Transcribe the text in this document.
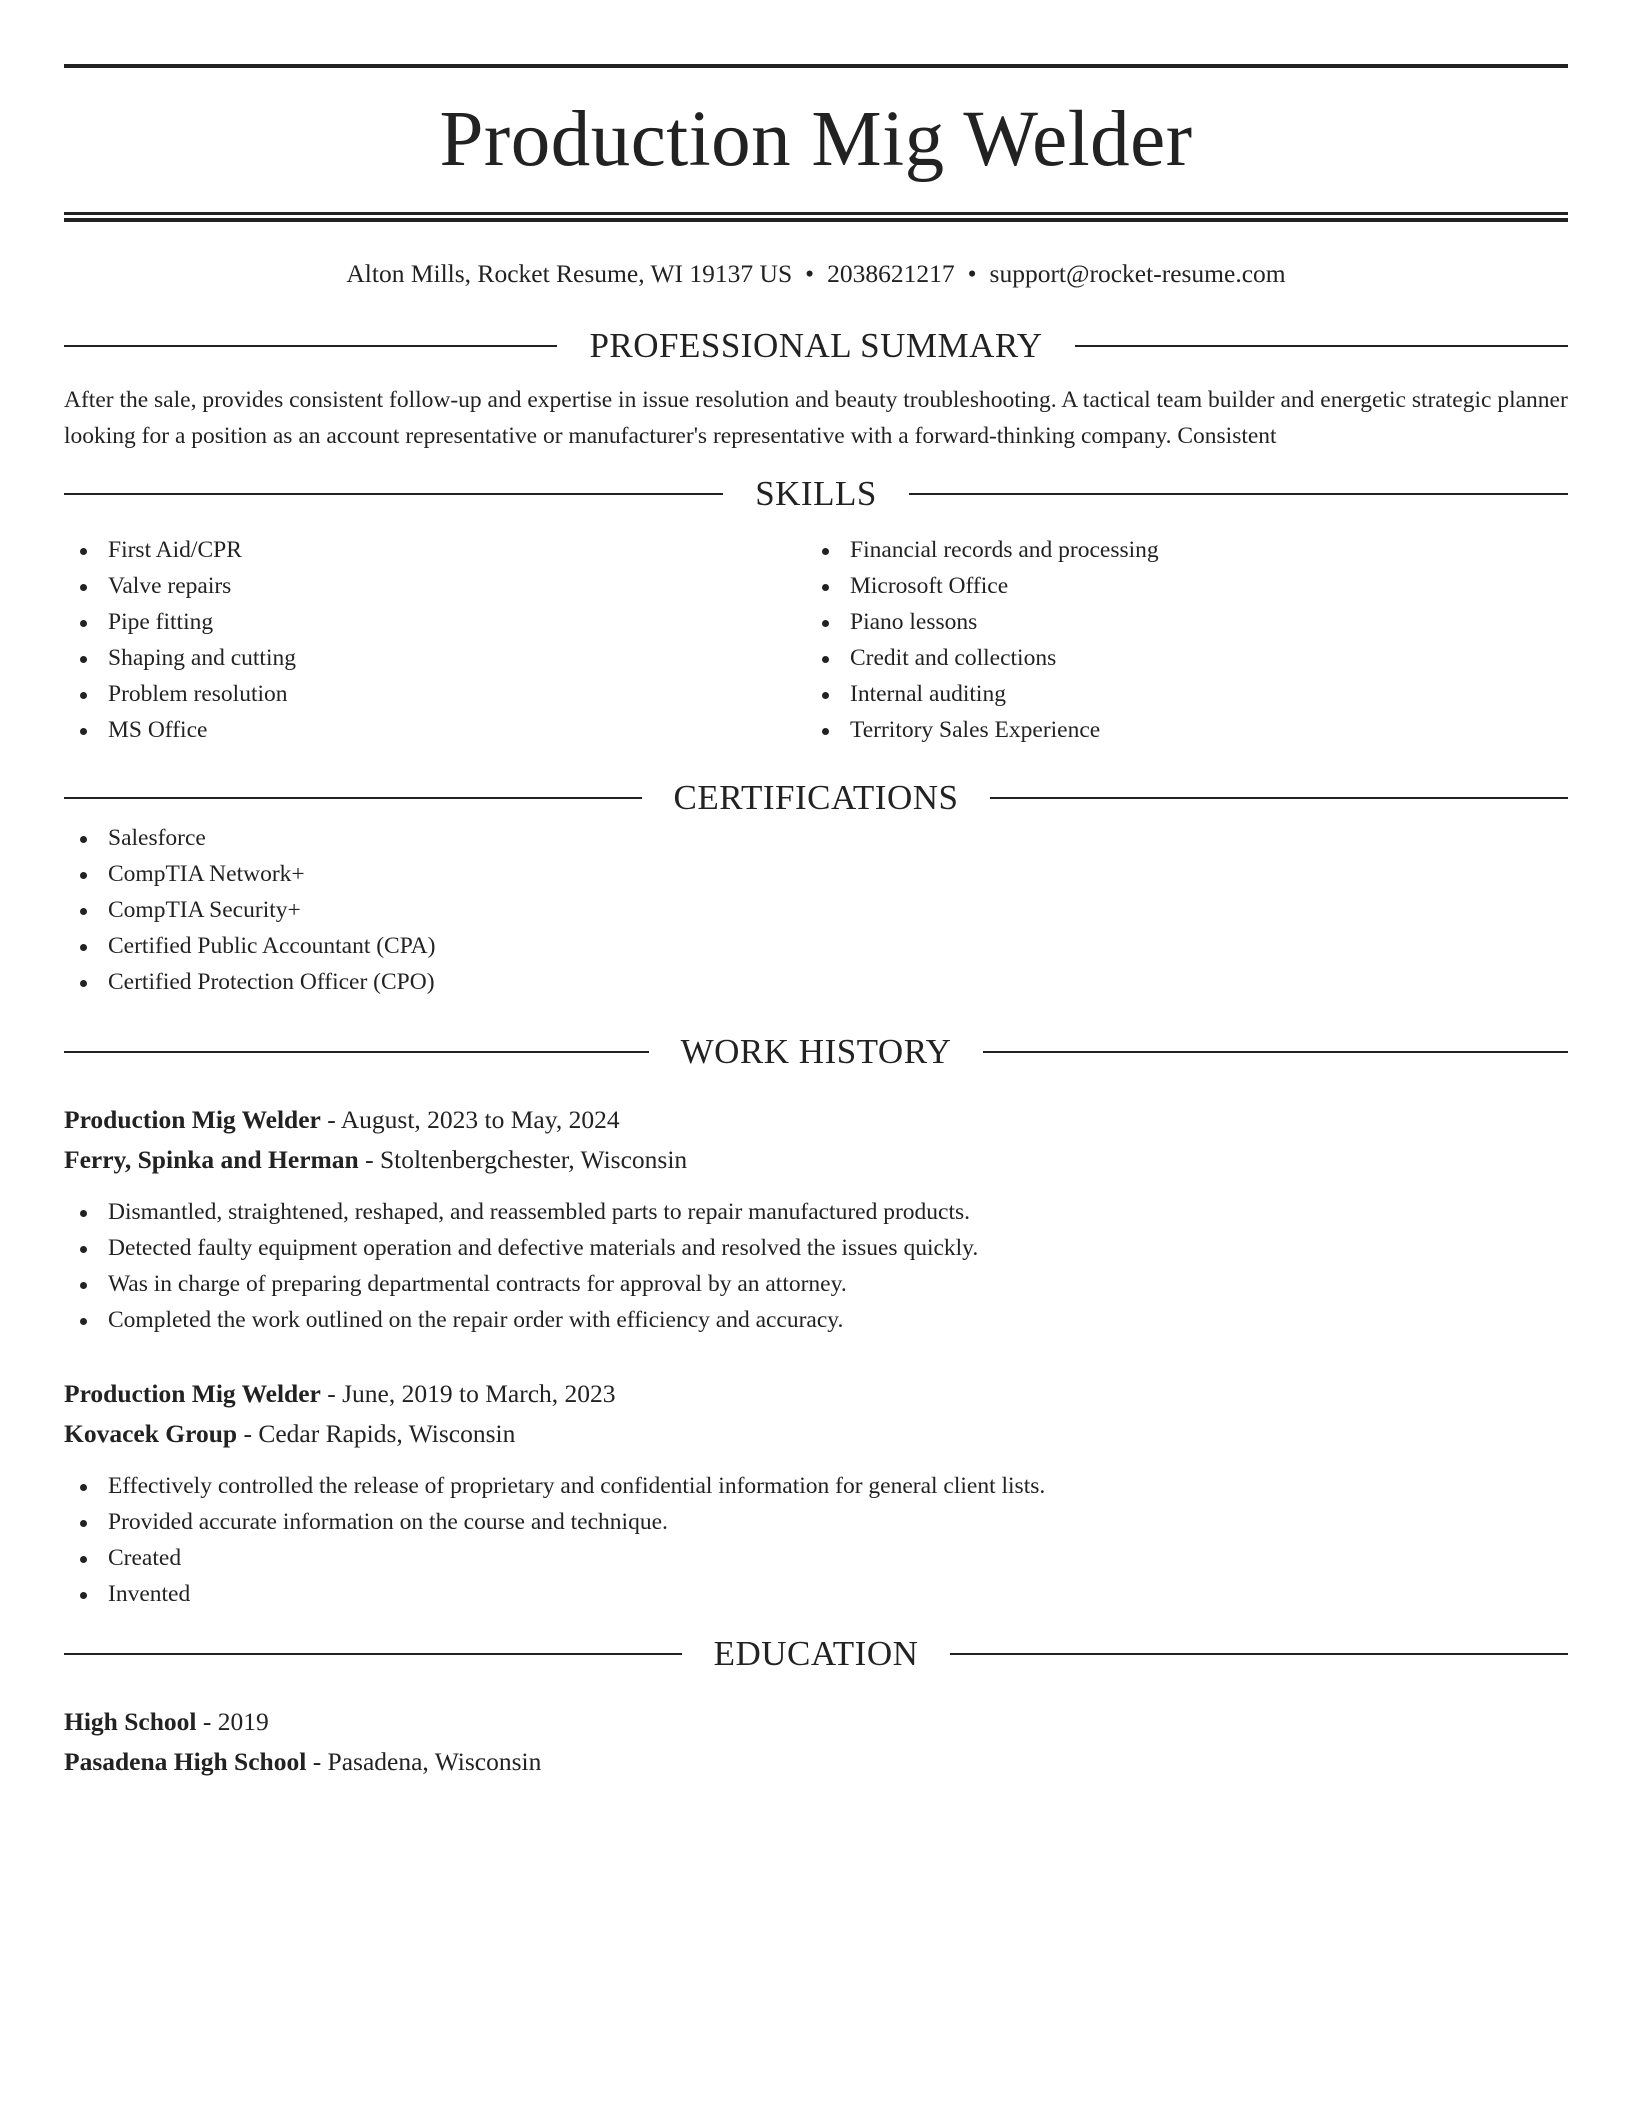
Production Mig Welder
Alton Mills, Rocket Resume, WI 19137 US • 2038621217 • support@rocket-resume.com
PROFESSIONAL SUMMARY

After the sale, provides consistent follow-up and expertise in issue resolution and beauty troubleshooting. A tactical team builder and energetic strategic planner looking for a position as an account representative or manufacturer's representative with a forward-thinking company. Consistent

SKILLS
First Aid/CPR
Valve repairs
Pipe fitting
Shaping and cutting
Problem resolution
MS Office
Financial records and processing
Microsoft Office
Piano lessons
Credit and collections
Internal auditing
Territory Sales Experience
CERTIFICATIONS
Salesforce
CompTIA Network+
CompTIA Security+
Certified Public Accountant (CPA)
Certified Protection Officer (CPO)
WORK HISTORY
Production Mig Welder - August, 2023 to May, 2024
Ferry, Spinka and Herman - Stoltenbergchester, Wisconsin
Dismantled, straightened, reshaped, and reassembled parts to repair manufactured products.
Detected faulty equipment operation and defective materials and resolved the issues quickly.
Was in charge of preparing departmental contracts for approval by an attorney.
Completed the work outlined on the repair order with efficiency and accuracy.
Production Mig Welder - June, 2019 to March, 2023
Kovacek Group - Cedar Rapids, Wisconsin
Effectively controlled the release of proprietary and confidential information for general client lists.
Provided accurate information on the course and technique.
Created
Invented
EDUCATION
High School - 2019
Pasadena High School - Pasadena, Wisconsin
